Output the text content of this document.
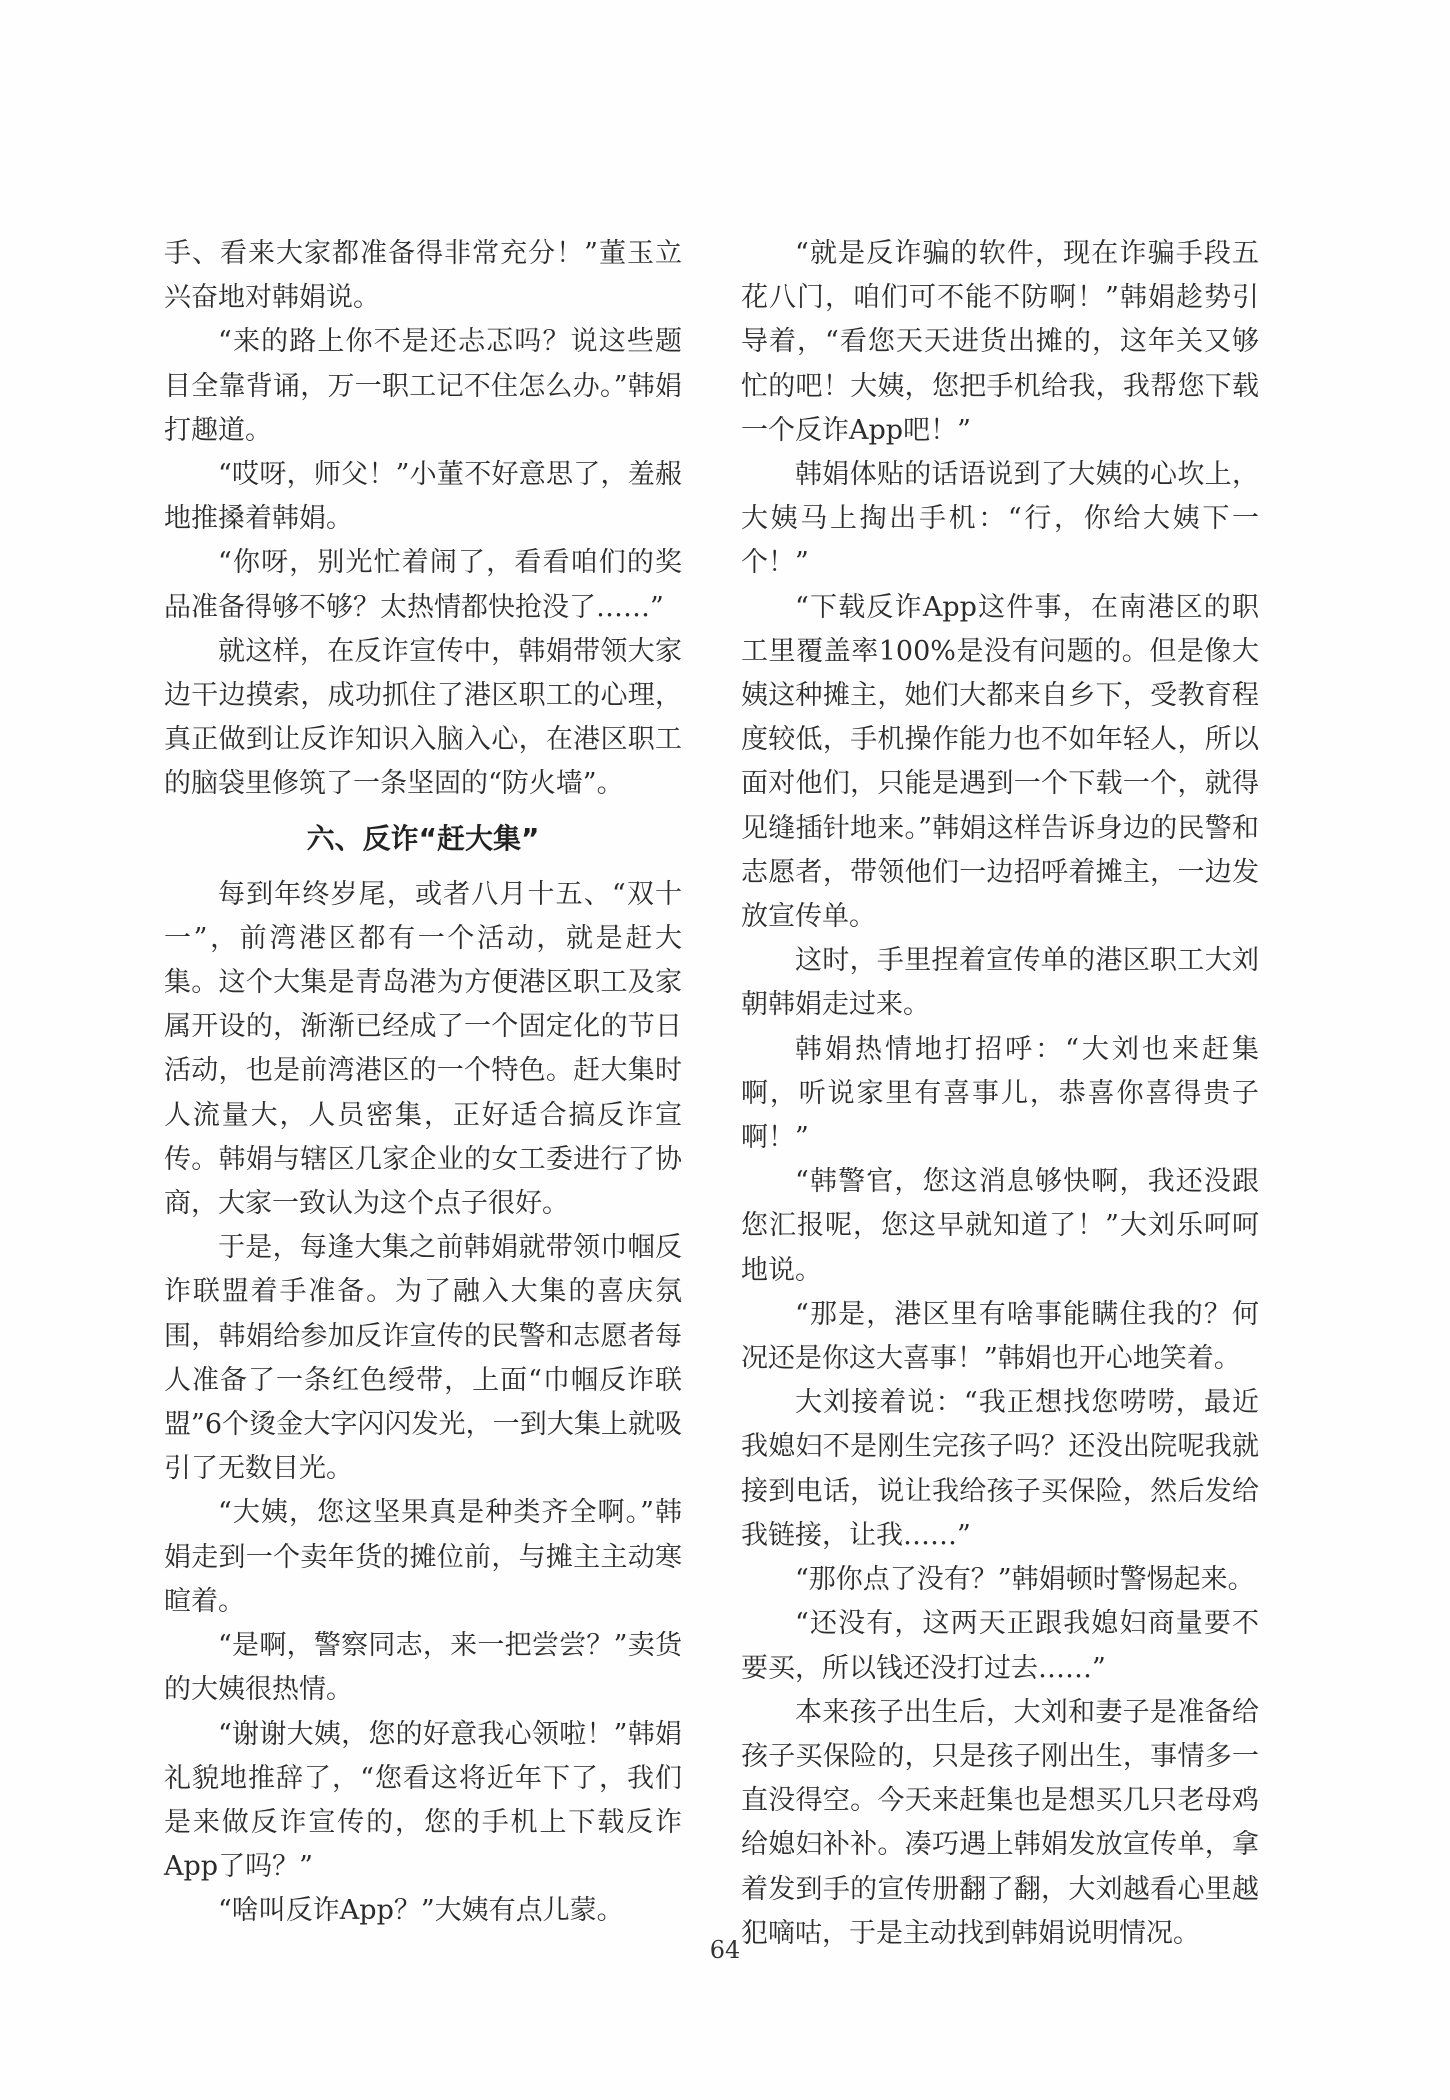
手、看来大家都准备得非常充分！”董玉立兴奋地对韩娟说。

“来的路上你不是还忐忑吗？说这些题目全靠背诵，万一职工记不住怎么办。”韩娟打趣道。

“哎呀，师父！”小董不好意思了，羞赧地推搡着韩娟。

“你呀，别光忙着闹了，看看咱们的奖品准备得够不够？太热情都快抢没了……”

就这样，在反诈宣传中，韩娟带领大家边干边摸索，成功抓住了港区职工的心理，真正做到让反诈知识入脑入心，在港区职工的脑袋里修筑了一条坚固的“防火墙”。

六、反诈“赶大集”

每到年终岁尾，或者八月十五、“双十一”，前湾港区都有一个活动，就是赶大集。这个大集是青岛港为方便港区职工及家属开设的，渐渐已经成了一个固定化的节日活动，也是前湾港区的一个特色。赶大集时人流量大，人员密集，正好适合搞反诈宣传。韩娟与辖区几家企业的女工委进行了协商，大家一致认为这个点子很好。

于是，每逢大集之前韩娟就带领巾帼反诈联盟着手准备。为了融入大集的喜庆氛围，韩娟给参加反诈宣传的民警和志愿者每人准备了一条红色绶带，上面“巾帼反诈联盟”6个烫金大字闪闪发光，一到大集上就吸引了无数目光。

“大姨，您这坚果真是种类齐全啊。”韩娟走到一个卖年货的摊位前，与摊主主动寒暄着。

“是啊，警察同志，来一把尝尝？”卖货的大姨很热情。

“谢谢大姨，您的好意我心领啦！”韩娟礼貌地推辞了，“您看这将近年下了，我们是来做反诈宣传的，您的手机上下载反诈App了吗？”

“啥叫反诈App？”大姨有点儿蒙。

“就是反诈骗的软件，现在诈骗手段五花八门，咱们可不能不防啊！”韩娟趁势引导着，“看您天天进货出摊的，这年关又够忙的吧！大姨，您把手机给我，我帮您下载一个反诈App吧！”

韩娟体贴的话语说到了大姨的心坎上，大姨马上掏出手机：“行，你给大姨下一个！”

“下载反诈App这件事，在南港区的职工里覆盖率100%是没有问题的。但是像大姨这种摊主，她们大都来自乡下，受教育程度较低，手机操作能力也不如年轻人，所以面对他们，只能是遇到一个下载一个，就得见缝插针地来。”韩娟这样告诉身边的民警和志愿者，带领他们一边招呼着摊主，一边发放宣传单。

这时，手里捏着宣传单的港区职工大刘朝韩娟走过来。

韩娟热情地打招呼：“大刘也来赶集啊，听说家里有喜事儿，恭喜你喜得贵子啊！”

“韩警官，您这消息够快啊，我还没跟您汇报呢，您这早就知道了！”大刘乐呵呵地说。

“那是，港区里有啥事能瞒住我的？何况还是你这大喜事！”韩娟也开心地笑着。

大刘接着说：“我正想找您唠唠，最近我媳妇不是刚生完孩子吗？还没出院呢我就接到电话，说让我给孩子买保险，然后发给我链接，让我……”

“那你点了没有？”韩娟顿时警惕起来。

“还没有，这两天正跟我媳妇商量要不要买，所以钱还没打过去……”

本来孩子出生后，大刘和妻子是准备给孩子买保险的，只是孩子刚出生，事情多一直没得空。今天来赶集也是想买几只老母鸡给媳妇补补。凑巧遇上韩娟发放宣传单，拿着发到手的宣传册翻了翻，大刘越看心里越犯嘀咕，于是主动找到韩娟说明情况。

64
